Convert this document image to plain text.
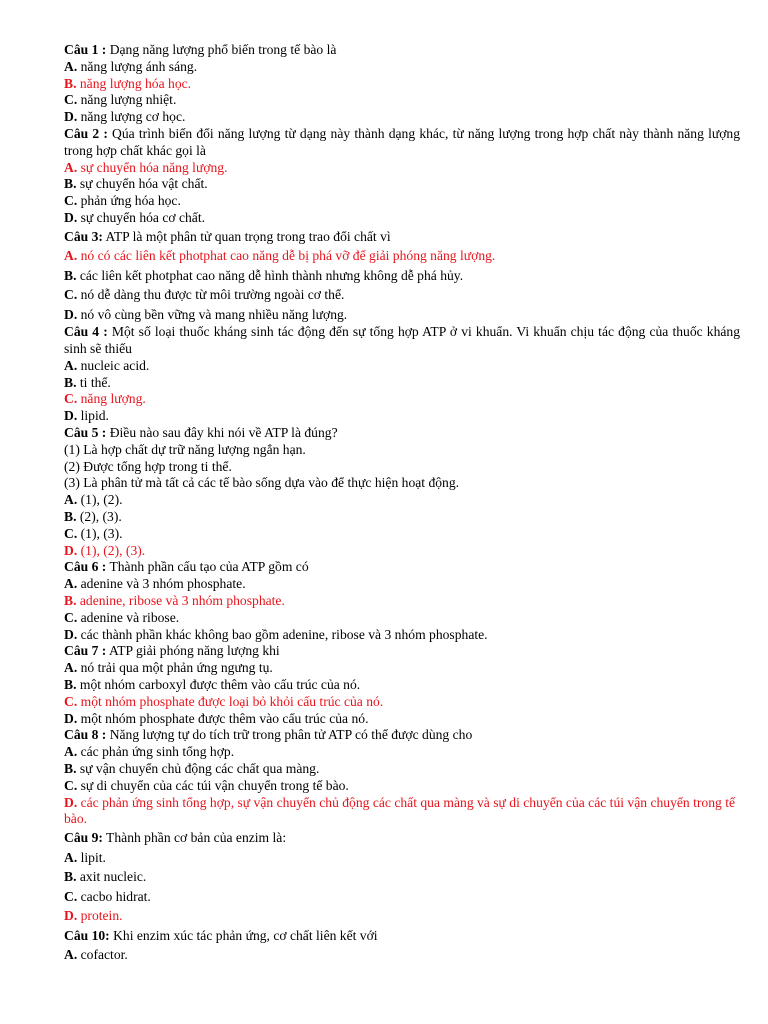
Câu 1 : Dạng năng lượng phổ biến trong tế bào là

A. năng lượng ánh sáng.

B. năng lượng hóa học.

C. năng lượng nhiệt.

D. năng lượng cơ học.

Câu 2 : Qúa trình biến đổi năng lượng từ dạng này thành dạng khác, từ năng lượng trong hợp chất này thành năng lượng trong hợp chất khác gọi là

A. sự chuyển hóa năng lượng.

B. sự chuyển hóa vật chất.

C. phản ứng hóa học.

D. sự chuyển hóa cơ chất.

Câu 3: ATP là một phân tử quan trọng trong trao đổi chất vì

A. nó có các liên kết photphat cao năng dễ bị phá vỡ để giải phóng năng lượng.

B. các liên kết photphat cao năng dễ hình thành nhưng không dễ phá hủy.

C. nó dễ dàng thu được từ môi trường ngoài cơ thể.

D. nó vô cùng bền vững và mang nhiều năng lượng.

Câu 4 : Một số loại thuốc kháng sinh tác động đến sự tổng hợp ATP ở vi khuẩn. Vi khuẩn chịu tác động của thuốc kháng sinh sẽ thiếu

A. nucleic acid.

B. ti thể.

C. năng lượng.

D. lipid.

Câu 5 : Điều nào sau đây khi nói về ATP là đúng?

(1) Là hợp chất dự trữ năng lượng ngắn hạn.

(2) Được tổng hợp trong ti thể.

(3) Là phân tử mà tất cả các tế bào sống dựa vào để thực hiện hoạt động.

A. (1), (2).

B. (2), (3).

C. (1), (3).

D. (1), (2), (3).

Câu 6 : Thành phần cấu tạo của ATP gồm có

A. adenine và 3 nhóm phosphate.

B. adenine, ribose và 3 nhóm phosphate.

C. adenine và ribose.

D. các thành phần khác không bao gồm adenine, ribose và 3 nhóm phosphate.

Câu 7 : ATP giải phóng năng lượng khi

A. nó trải qua một phản ứng ngưng tụ.

B. một nhóm carboxyl được thêm vào cấu trúc của nó.

C. một nhóm phosphate được loại bỏ khỏi cấu trúc của nó.

D. một nhóm phosphate được thêm vào cấu trúc của nó.

Câu 8 : Năng lượng tự do tích trữ trong phân tử ATP có thể được dùng cho

A. các phản ứng sinh tổng hợp.

B. sự vận chuyển chủ động các chất qua màng.

C. sự di chuyển của các túi vận chuyển trong tế bào.

D. các phản ứng sinh tổng hợp, sự vận chuyển chủ động các chất qua màng và sự di chuyển của các túi vận chuyển trong tế bào.

Câu 9: Thành phần cơ bản của enzim là:

A. lipit.

B. axit nucleic.

C. cacbo hidrat.

D. protein.

Câu 10: Khi enzim xúc tác phản ứng, cơ chất liên kết với

A. cofactor.
